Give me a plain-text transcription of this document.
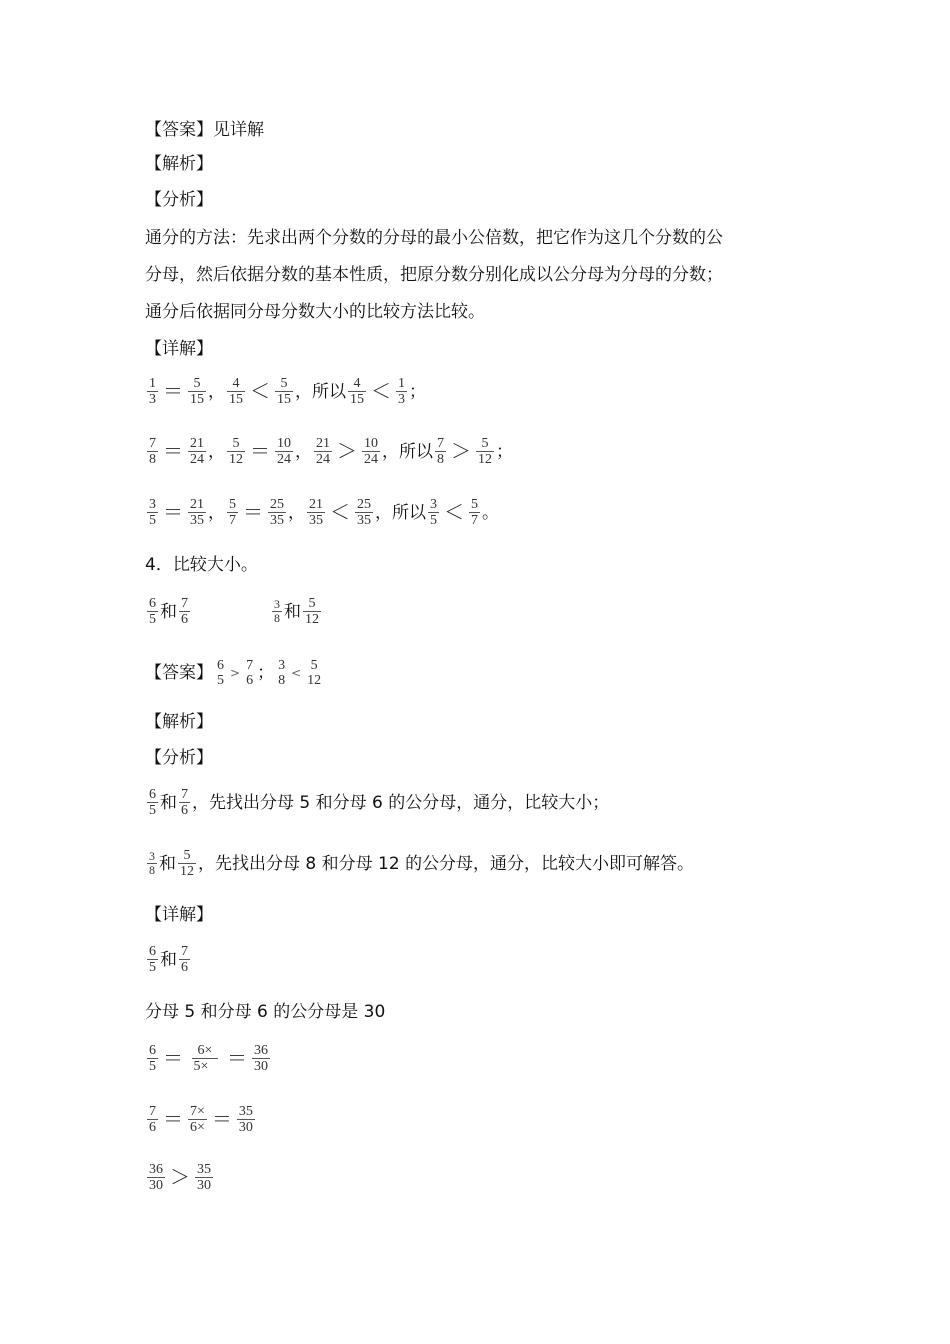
【答案】见详解
【解析】
【分析】
通分的方法：先求出两个分数的分母的最小公倍数，把它作为这几个分数的公
分母，然后依据分数的基本性质，把原分数分别化成以公分母为分母的分数；
通分后依据同分母分数大小的比较方法比较。
【详解】
$\frac{1}{3} = \frac{5}{15}$ ， $\frac{4}{15} < \frac{5}{15}$ ，所以 $\frac{4}{15} < \frac{1}{3}$ ；
$\frac{7}{8} = \frac{21}{24}$ ， $\frac{5}{12} = \frac{10}{24}$ ， $\frac{21}{24} > \frac{10}{24}$ ，所以 $\frac{7}{8} > \frac{5}{12}$ ；
$\frac{3}{5} = \frac{21}{35}$ ， $\frac{5}{7} = \frac{25}{35}$ ， $\frac{21}{35} < \frac{25}{35}$ ，所以 $\frac{3}{5} < \frac{5}{7}$ 。
4．比较大小。
$\frac{6}{5}$ 和 $\frac{7}{6}$	$\frac{3}{8}$ 和 $\frac{5}{12}$
【答案】 6
5 > 7
6 ； 3
8 < 5
12
【解析】
【分析】
$\frac{6}{5}$ 和 $\frac{7}{6}$ ，先找出分母 5 和分母 6 的公分母，通分，比较大小；
$\frac{3}{8}$ 和 $\frac{5}{12}$ ，先找出分母 8 和分母 12 的公分母，通分，比较大小即可解答。
【详解】
$\frac{6}{5}$ 和 $\frac{7}{6}$
分母 5 和分母 6 的公分母是 30
$\frac{6}{5} = \frac{6\times}{5\times} = \frac{36}{30}$
$\frac{7}{6} = \frac{7\times}{6\times} = \frac{35}{30}$
$\frac{36}{30} > \frac{35}{30}$
